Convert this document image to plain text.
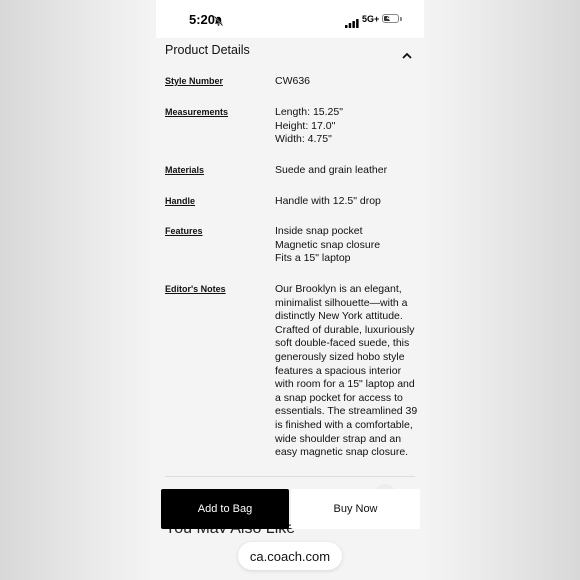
5:20	5G+	48
Product Details
Style Number	CW636
Measurements	Length: 15.25"
Height: 17.0"
Width: 4.75"
Materials	Suede and grain leather
Handle	Handle with 12.5" drop
Features	Inside snap pocket
Magnetic snap closure
Fits a 15" laptop
Editor's Notes	Our Brooklyn is an elegant,
minimalist silhouette—with a
distinctly New York attitude.
Crafted of durable, luxuriously
soft double-faced suede, this
generously sized hobo style
features a spacious interior
with room for a 15" laptop and
a snap pocket for access to
essentials. The streamlined 39
is finished with a comfortable,
wide shoulder strap and an
easy magnetic snap closure.
Add to Bag	Buy Now
ca.coach.com
